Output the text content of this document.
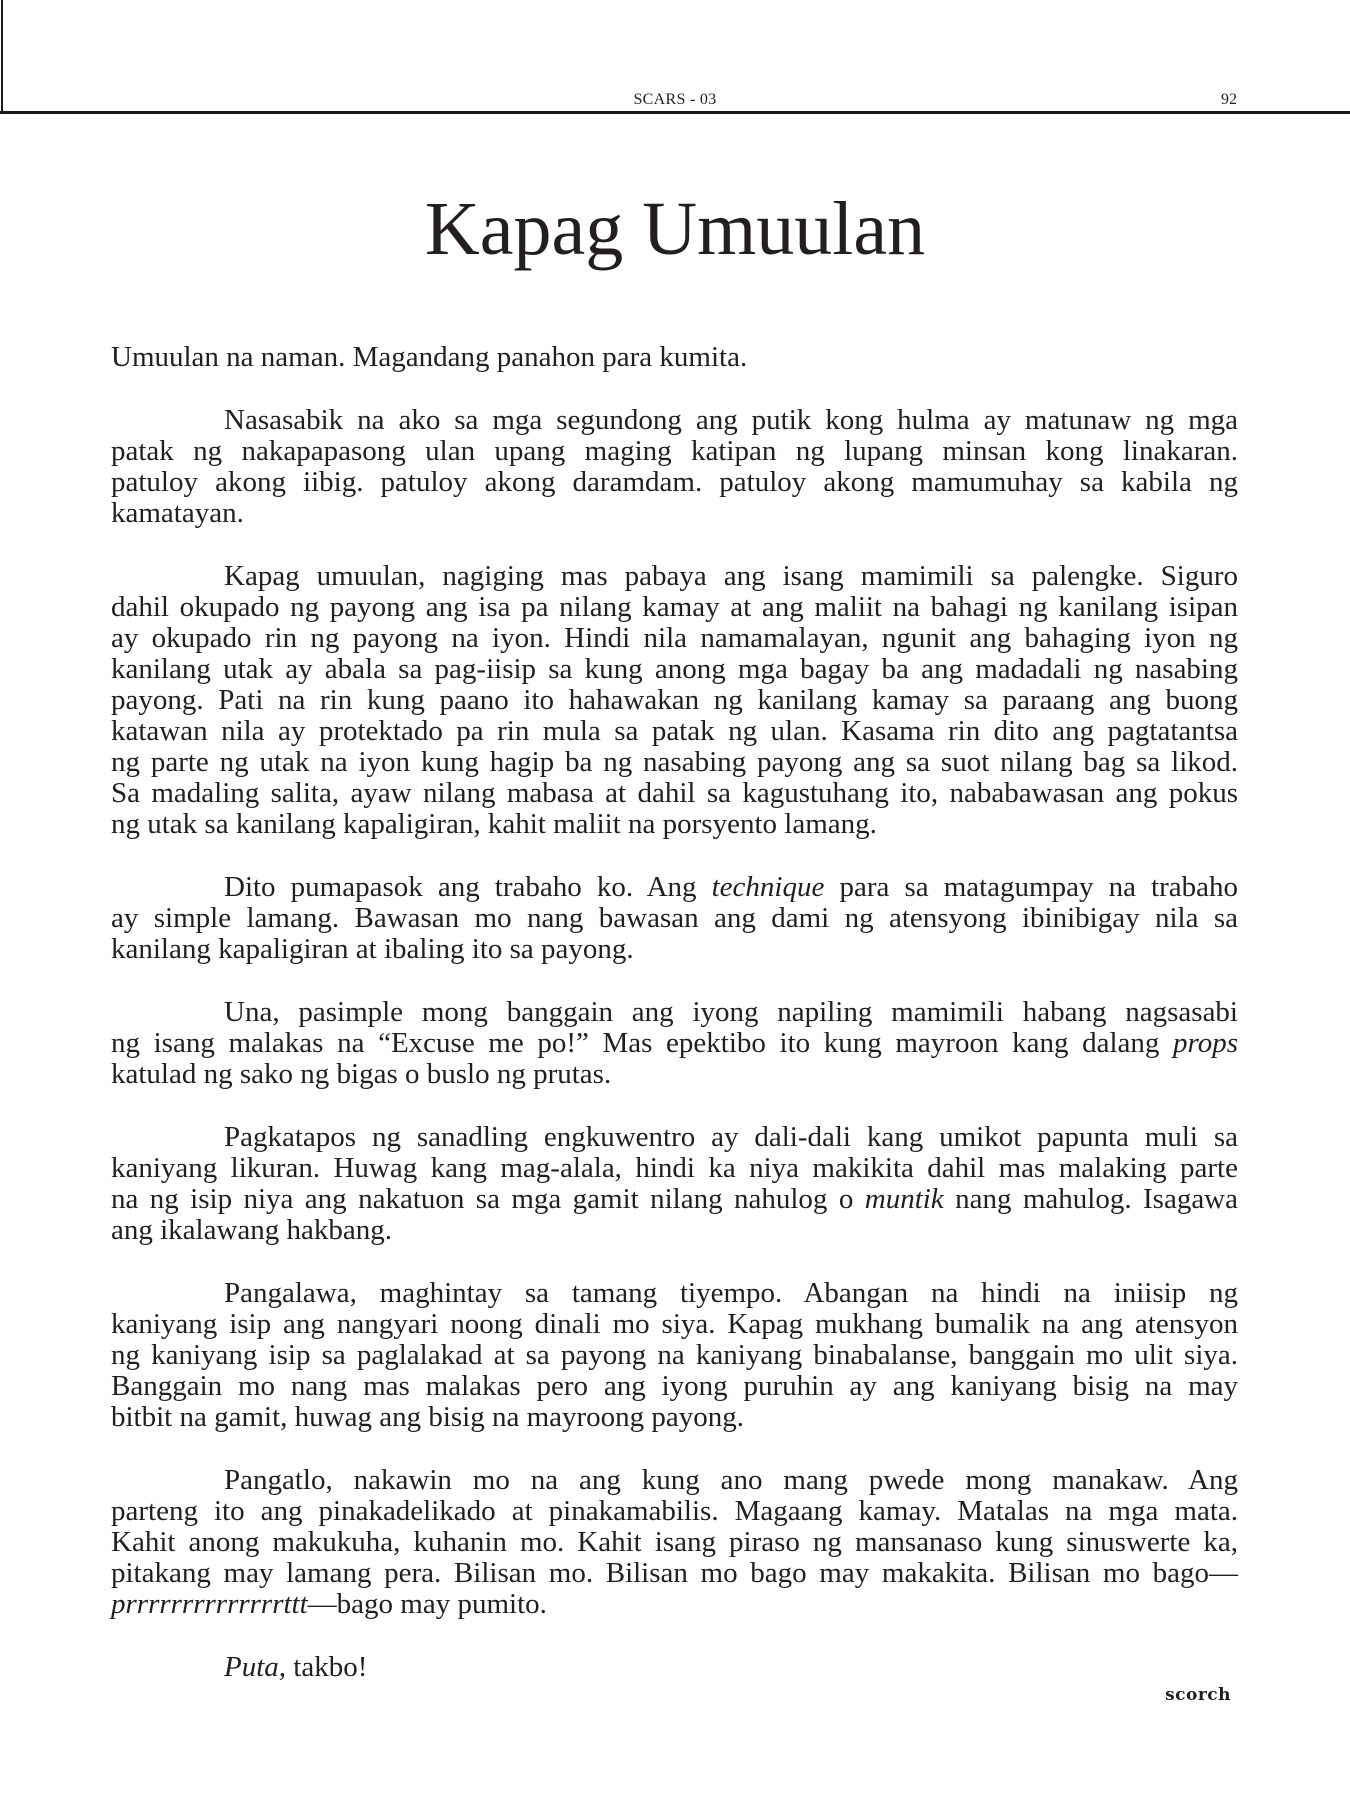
SCARS - 03	92
Kapag Umuulan
Umuulan na naman. Magandang panahon para kumita.
Nasasabik na ako sa mga segundong ang putik kong hulma ay matunaw ng mga
patak ng nakapapasong ulan upang maging katipan ng lupang minsan kong linakaran.
patuloy akong iibig. patuloy akong daramdam. patuloy akong mamumuhay sa kabila ng
kamatayan.
Kapag umuulan, nagiging mas pabaya ang isang mamimili sa palengke. Siguro
dahil okupado ng payong ang isa pa nilang kamay at ang maliit na bahagi ng kanilang isipan
ay okupado rin ng payong na iyon. Hindi nila namamalayan, ngunit ang bahaging iyon ng
kanilang utak ay abala sa pag-iisip sa kung anong mga bagay ba ang madadali ng nasabing
payong. Pati na rin kung paano ito hahawakan ng kanilang kamay sa paraang ang buong
katawan nila ay protektado pa rin mula sa patak ng ulan. Kasama rin dito ang pagtatantsa
ng parte ng utak na iyon kung hagip ba ng nasabing payong ang sa suot nilang bag sa likod.
Sa madaling salita, ayaw nilang mabasa at dahil sa kagustuhang ito, nababawasan ang pokus
ng utak sa kanilang kapaligiran, kahit maliit na porsyento lamang.
Dito pumapasok ang trabaho ko. Ang technique para sa matagumpay na trabaho
ay simple lamang. Bawasan mo nang bawasan ang dami ng atensyong ibinibigay nila sa
kanilang kapaligiran at ibaling ito sa payong.
Una, pasimple mong banggain ang iyong napiling mamimili habang nagsasabi
ng isang malakas na “Excuse me po!” Mas epektibo ito kung mayroon kang dalang props
katulad ng sako ng bigas o buslo ng prutas.
Pagkatapos ng sanadling engkuwentro ay dali-dali kang umikot papunta muli sa
kaniyang likuran. Huwag kang mag-alala, hindi ka niya makikita dahil mas malaking parte
na ng isip niya ang nakatuon sa mga gamit nilang nahulog o muntik nang mahulog. Isagawa
ang ikalawang hakbang.
Pangalawa, maghintay sa tamang tiyempo. Abangan na hindi na iniisip ng
kaniyang isip ang nangyari noong dinali mo siya. Kapag mukhang bumalik na ang atensyon
ng kaniyang isip sa paglalakad at sa payong na kaniyang binabalanse, banggain mo ulit siya.
Banggain mo nang mas malakas pero ang iyong puruhin ay ang kaniyang bisig na may
bitbit na gamit, huwag ang bisig na mayroong payong.
Pangatlo, nakawin mo na ang kung ano mang pwede mong manakaw. Ang
parteng ito ang pinakadelikado at pinakamabilis. Magaang kamay. Matalas na mga mata.
Kahit anong makukuha, kuhanin mo. Kahit isang piraso ng mansanaso kung sinuswerte ka,
pitakang may lamang pera. Bilisan mo. Bilisan mo bago may makakita. Bilisan mo bago—
prrrrrrrrrrrrrrttt—bago may pumito.
Puta, takbo!
scorch
